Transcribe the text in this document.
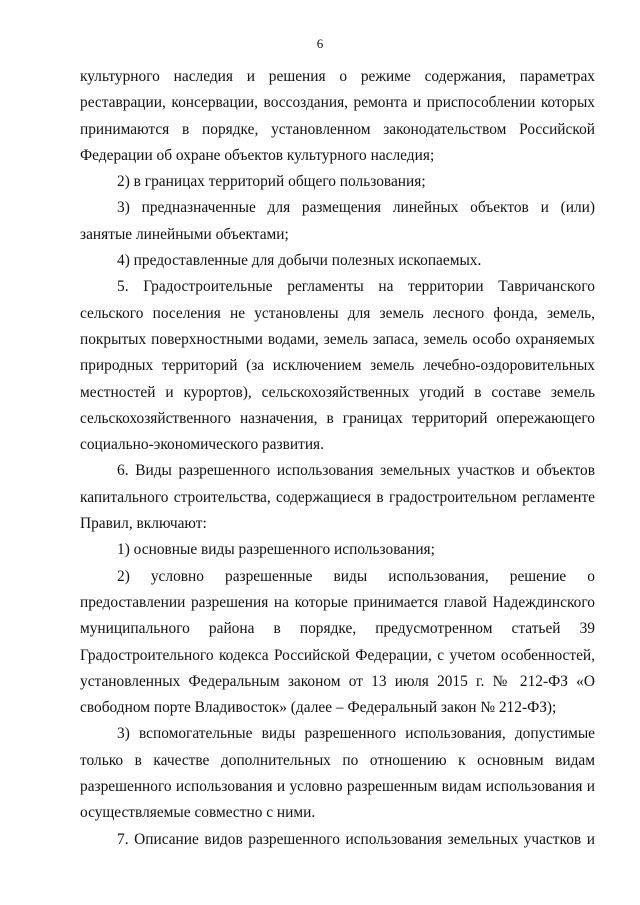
6

культурного наследия и решения о режиме содержания, параметрах реставрации, консервации, воссоздания, ремонта и приспособлении которых принимаются в порядке, установленном законодательством Российской Федерации об охране объектов культурного наследия;

2) в границах территорий общего пользования;

3) предназначенные для размещения линейных объектов и (или) занятые линейными объектами;

4) предоставленные для добычи полезных ископаемых.

5. Градостроительные регламенты на территории Тавричанского сельского поселения не установлены для земель лесного фонда, земель, покрытых поверхностными водами, земель запаса, земель особо охраняемых природных территорий (за исключением земель лечебно-оздоровительных местностей и курортов), сельскохозяйственных угодий в составе земель сельскохозяйственного назначения, в границах территорий опережающего социально-экономического развития.

6. Виды разрешенного использования земельных участков и объектов капитального строительства, содержащиеся в градостроительном регламенте Правил, включают:

1) основные виды разрешенного использования;

2) условно разрешенные виды использования, решение о предоставлении разрешения на которые принимается главой Надеждинского муниципального района в порядке, предусмотренном статьей 39 Градостроительного кодекса Российской Федерации, с учетом особенностей, установленных Федеральным законом от 13 июля 2015 г. № 212-ФЗ «О свободном порте Владивосток» (далее – Федеральный закон № 212-ФЗ);

3) вспомогательные виды разрешенного использования, допустимые только в качестве дополнительных по отношению к основным видам разрешенного использования и условно разрешенным видам использования и осуществляемые совместно с ними.

7. Описание видов разрешенного использования земельных участков и
